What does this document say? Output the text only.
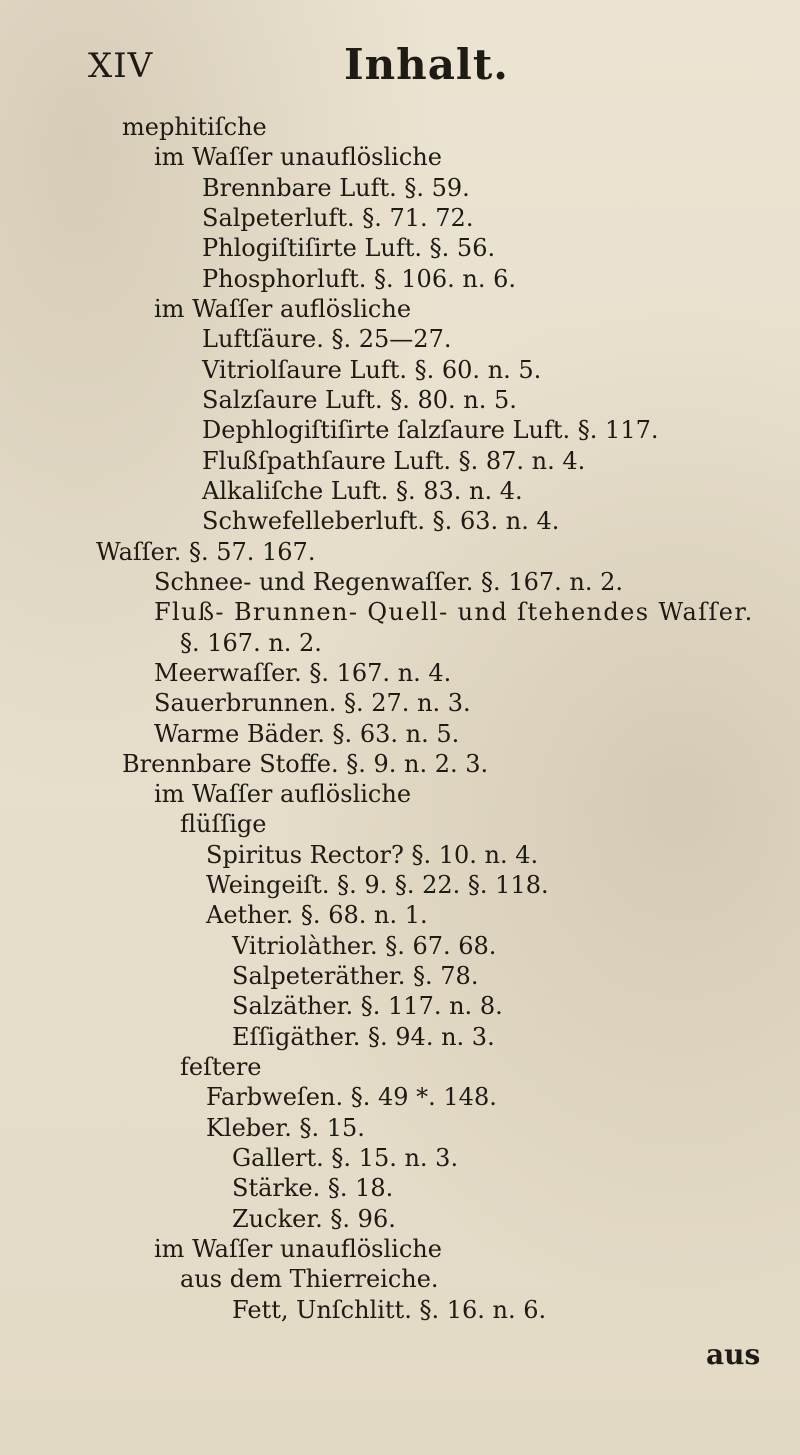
XIV	Inhalt.
mephitiſche
im Waſſer unauflösliche
Brennbare Luft. §. 59.
Salpeterluft. §. 71. 72.
Phlogiſtiſirte Luft. §. 56.
Phosphorluft. §. 106. n. 6.
im Waſſer auflösliche
Luftſäure. §. 25—27.
Vitriolſaure Luft. §. 60. n. 5.
Salzſaure Luft. §. 80. n. 5.
Dephlogiſtiſirte ſalzſaure Luft. §. 117.
Flußſpathſaure Luft. §. 87. n. 4.
Alkaliſche Luft. §. 83. n. 4.
Schwefelleberluft. §. 63. n. 4.
Waſſer. §. 57. 167.
Schnee- und Regenwaſſer. §. 167. n. 2.
Fluß- Brunnen- Quell- und ſtehendes Waſſer.
§. 167. n. 2.
Meerwaſſer. §. 167. n. 4.
Sauerbrunnen. §. 27. n. 3.
Warme Bäder. §. 63. n. 5.
Brennbare Stoffe. §. 9. n. 2. 3.
im Waſſer auflösliche
flüſſige
Spiritus Rector? §. 10. n. 4.
Weingeiſt. §. 9. §. 22. §. 118.
Aether. §. 68. n. 1.
Vitriolàther. §. 67. 68.
Salpeteräther. §. 78.
Salzäther. §. 117. n. 8.
Eſſigäther. §. 94. n. 3.
feſtere
Farbweſen. §. 49 *. 148.
Kleber. §. 15.
Gallert. §. 15. n. 3.
Stärke. §. 18.
Zucker. §. 96.
im Waſſer unauflösliche
aus dem Thierreiche.
Fett, Unſchlitt. §. 16. n. 6.
aus
